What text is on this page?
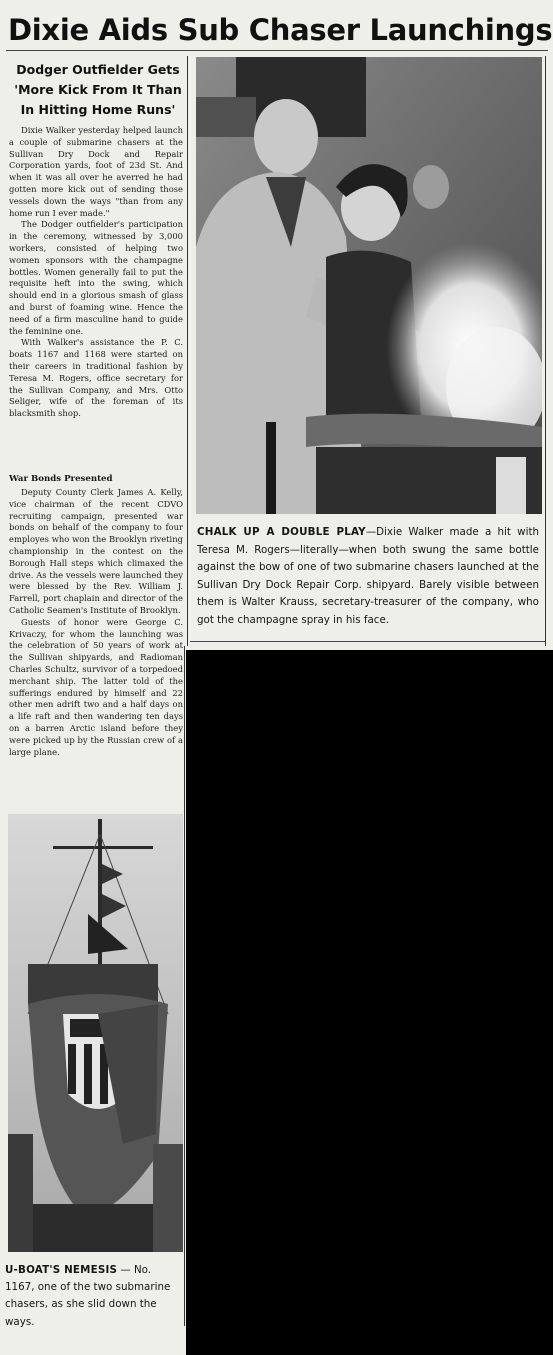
Dixie Aids Sub Chaser Launchings
Dodger Outfielder Gets
'More Kick From It Than
In Hitting Home Runs'

Dixie Walker yesterday helped launch a couple of submarine chasers at the Sullivan Dry Dock and Repair Corporation yards, foot of 23d St. And when it was all over he averred he had gotten more kick out of sending those vessels down the ways "than from any home run I ever made."

The Dodger outfielder's participation in the ceremony, witnessed by 3,000 workers, consisted of helping two women sponsors with the champagne bottles. Women generally fail to put the requisite heft into the swing, which should end in a glorious smash of glass and burst of foaming wine. Hence the need of a firm masculine hand to guide the feminine one.

With Walker's assistance the P. C. boats 1167 and 1168 were started on their careers in traditional fashion by Teresa M. Rogers, office secretary for the Sullivan Company, and Mrs. Otto Seliger, wife of the foreman of its blacksmith shop.

War Bonds Presented

Deputy County Clerk James A. Kelly, vice chairman of the recent CDVO recruiting campaign, presented war bonds on behalf of the company to four employes who won the Brooklyn riveting championship in the contest on the Borough Hall steps which climaxed the drive. As the vessels were launched they were blessed by the Rev. William J. Farrell, port chaplain and director of the Catholic Seamen's Institute of Brooklyn.

Guests of honor were George C. Krivaczy, for whom the launching was the celebration of 50 years of work at the Sullivan shipyards, and Radioman Charles Schultz, survivor of a torpedoed merchant ship. The latter told of the sufferings endured by himself and 22 other men adrift two and a half days on a life raft and then wandering ten days on a barren Arctic island before they were picked up by the Russian crew of a large plane.

CHALK UP A DOUBLE PLAY—Dixie Walker made a hit with Teresa M. Rogers—literally—when both swung the same bottle against the bow of one of two submarine chasers launched at the Sullivan Dry Dock Repair Corp. shipyard. Barely visible between them is Walter Krauss, secretary-treasurer of the company, who got the champagne spray in his face.
U-BOAT'S NEMESIS — No. 1167, one of the two submarine chasers, as she slid down the ways.
